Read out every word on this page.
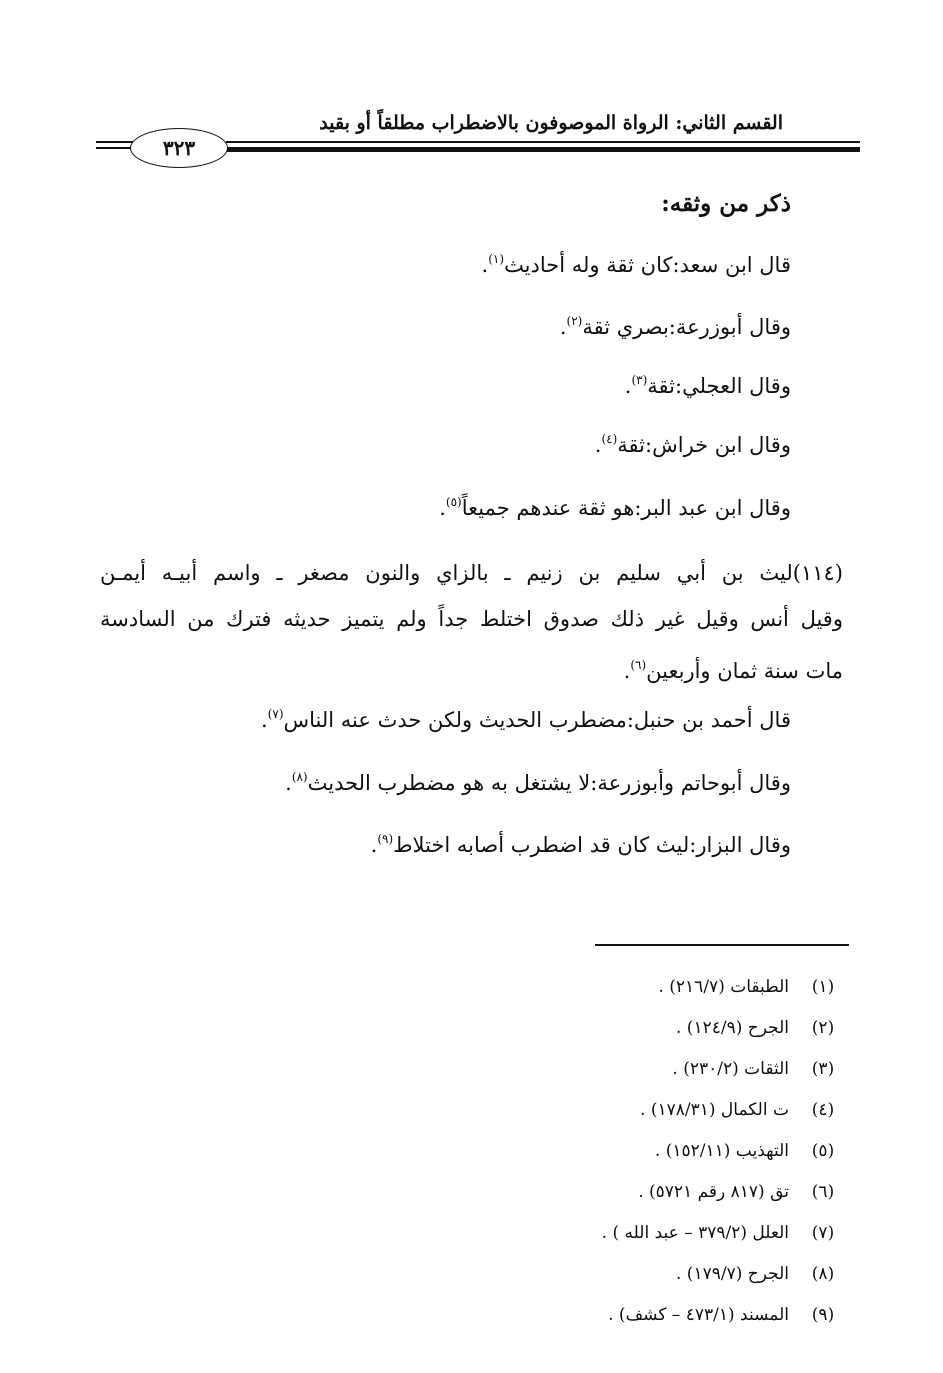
القسم الثاني: الرواة الموصوفون بالاضطراب مطلقاً أو بقيد
٣٢٣
ذكر من وثقه:
قال ابن سعد:كان ثقة وله أحاديث$^{(١)}$.
وقال أبوزرعة:بصري ثقة$^{(٢)}$.
وقال العجلي:ثقة$^{(٣)}$.
وقال ابن خراش:ثقة$^{(٤)}$.
وقال ابن عبد البر:هو ثقة عندهم جميعاً$^{(٥)}$.
(١١٤)ليث بن أبي سليم بن زنيم ـ بالزاي والنون مصغر ـ واسم أبيـه أيمـن
وقيل أنس وقيل غير ذلك صدوق اختلط جداً ولم يتميز حديثه فترك من السادسة
مات سنة ثمان وأربعين$^{(٦)}$.
قال أحمد بن حنبل:مضطرب الحديث ولكن حدث عنه الناس$^{(٧)}$.
وقال أبوحاتم وأبوزرعة:لا يشتغل به هو مضطرب الحديث$^{(٨)}$.
وقال البزار:ليث كان قد اضطرب أصابه اختلاط$^{(٩)}$.
(١)
الطبقات (٢١٦/٧) .
(٢)
الجرح (١٢٤/٩) .
(٣)
الثقات (٢٣٠/٢) .
(٤)
ت الكمال (١٧٨/٣١) .
(٥)
التهذيب (١٥٢/١١) .
(٦)
تق (٨١٧ رقم ٥٧٢١) .
(٧)
العلل (٣٧٩/٢ – عبد الله ) .
(٨)
الجرح (١٧٩/٧) .
(٩)
المسند (٤٧٣/١ – كشف) .
